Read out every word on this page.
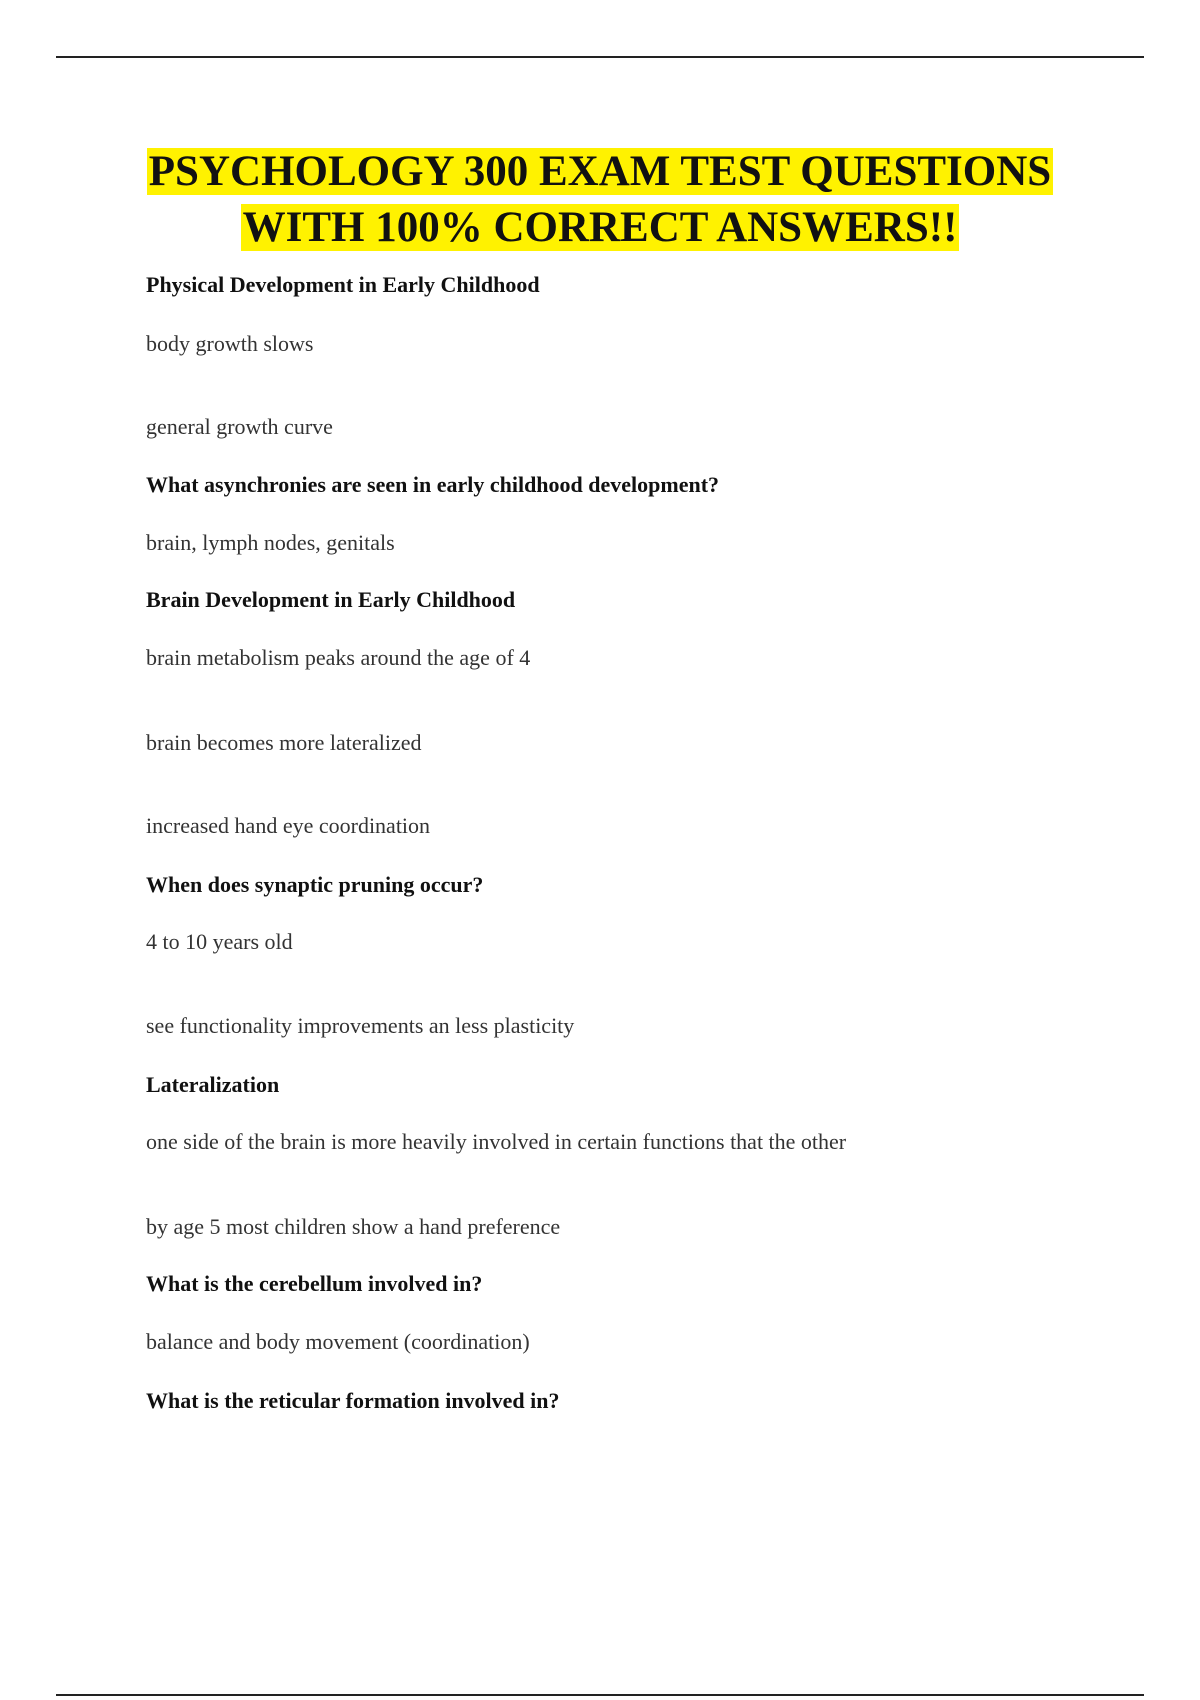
PSYCHOLOGY 300 EXAM TEST QUESTIONS
WITH 100% CORRECT ANSWERS!!
Physical Development in Early Childhood
body growth slows
general growth curve
What asynchronies are seen in early childhood development?
brain, lymph nodes, genitals
Brain Development in Early Childhood
brain metabolism peaks around the age of 4
brain becomes more lateralized
increased hand eye coordination
When does synaptic pruning occur?
4 to 10 years old
see functionality improvements an less plasticity
Lateralization
one side of the brain is more heavily involved in certain functions that the other
by age 5 most children show a hand preference
What is the cerebellum involved in?
balance and body movement (coordination)
What is the reticular formation involved in?
